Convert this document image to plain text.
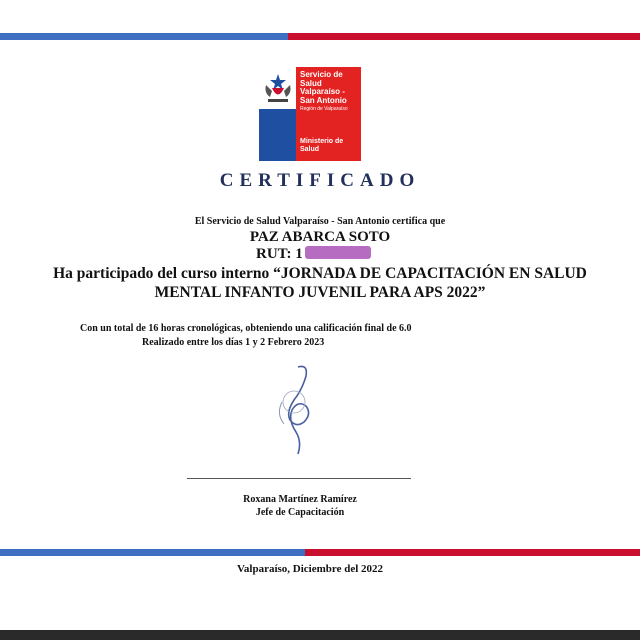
Servicio de
Salud
Valparaíso -
San Antonio
Región de Valparaíso
Ministerio de
Salud
CERTIFICADO
El Servicio de Salud Valparaíso - San Antonio certifica que
PAZ ABARCA SOTO
RUT: 1
Ha participado del curso interno “JORNADA DE CAPACITACIÓN EN SALUD
MENTAL INFANTO JUVENIL PARA APS 2022”
Con un total de 16 horas cronológicas, obteniendo una calificación final de 6.0
Realizado entre los días 1 y 2 Febrero 2023
Roxana Martínez Ramírez
Jefe de Capacitación
Valparaíso, Diciembre del 2022
